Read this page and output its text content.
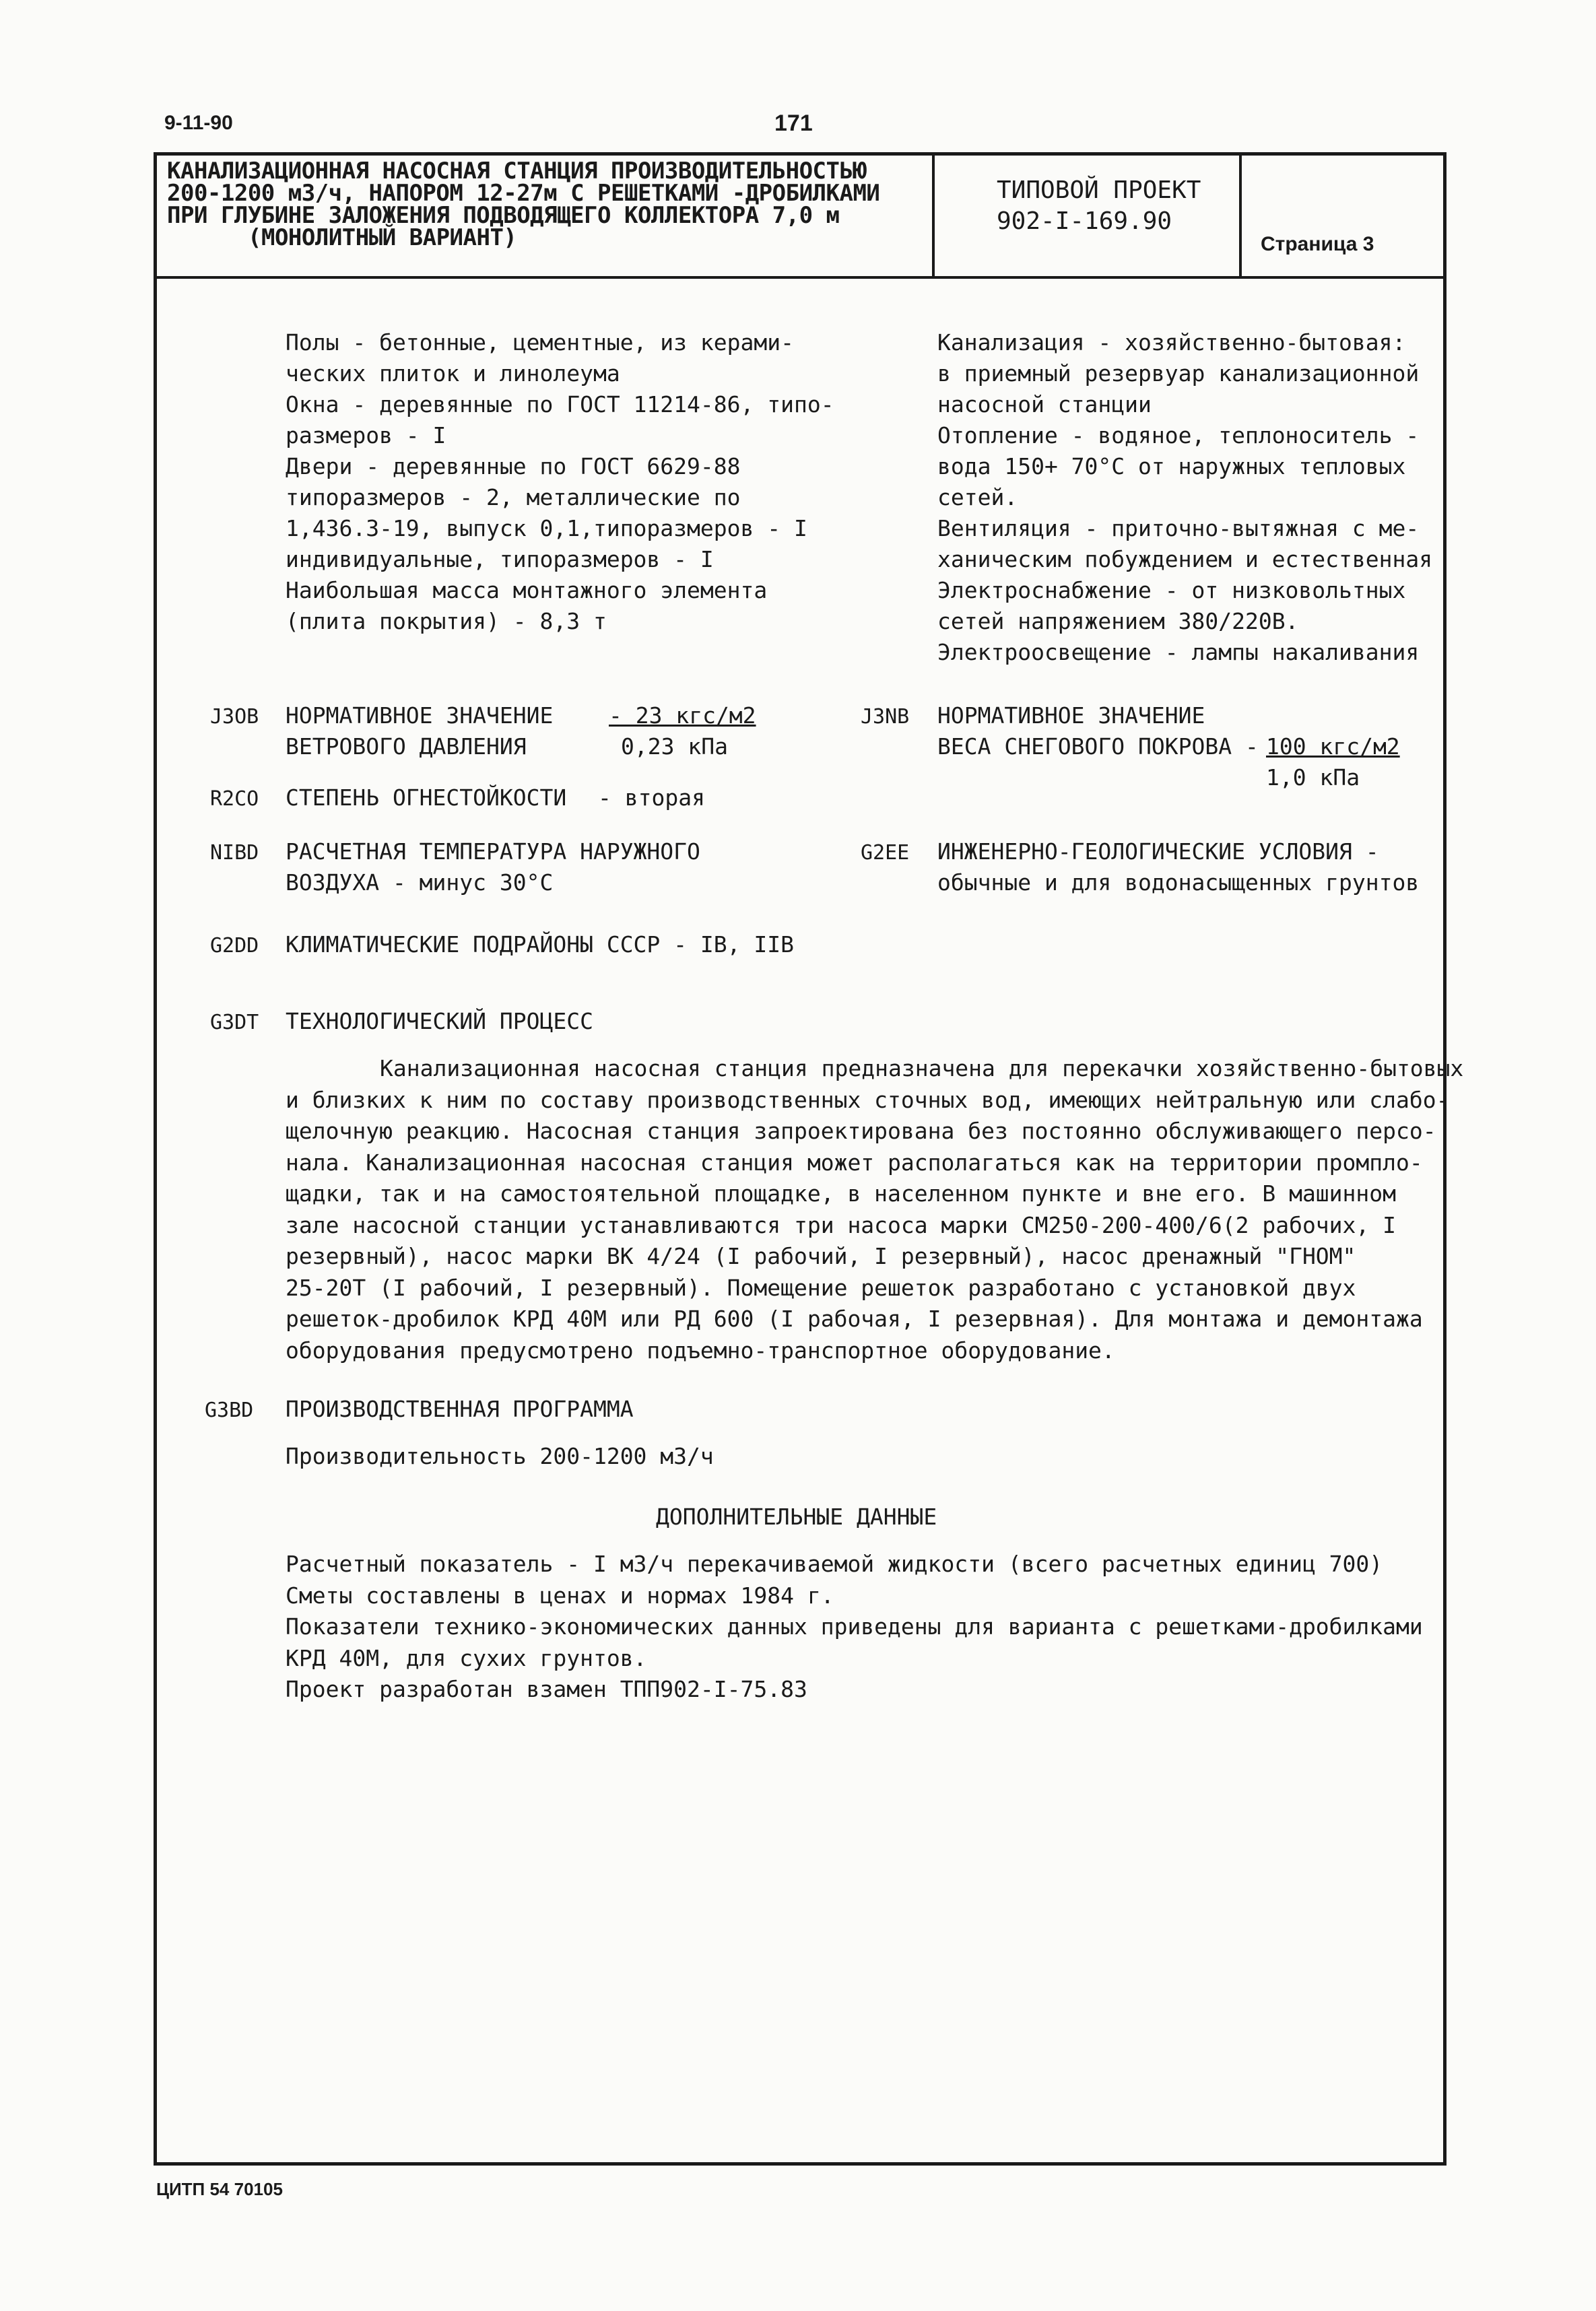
9-11-90	171
КАНАЛИЗАЦИОННАЯ НАСОСНАЯ СТАНЦИЯ ПРОИЗВОДИТЕЛЬНОСТЬЮ
200-1200 м3/ч, НАПОРОМ 12-27м С РЕШЕТКАМИ -ДРОБИЛКАМИ
ПРИ ГЛУБИНЕ ЗАЛОЖЕНИЯ ПОДВОДЯЩЕГО КОЛЛЕКТОРА 7,0 м
(МОНОЛИТНЫЙ ВАРИАНТ)
ТИПОВОЙ ПРОЕКТ
902-I-169.90
Страница 3
Полы - бетонные, цементные, из керами-
ческих плиток и линолеума
Окна - деревянные по ГОСТ 11214-86, типо-
размеров - I
Двери - деревянные по ГОСТ 6629-88
типоразмеров - 2, металлические по
1,436.3-19, выпуск 0,1,типоразмеров - I
индивидуальные, типоразмеров - I
Наибольшая масса монтажного элемента
(плита покрытия) - 8,3 т
Канализация - хозяйственно-бытовая:
в приемный резервуар канализационной
насосной станции
Отопление - водяное, теплоноситель -
вода 150+ 70°С от наружных тепловых
сетей.
Вентиляция - приточно-вытяжная с ме-
ханическим побуждением и естественная
Электроснабжение - от низковольтных
сетей напряжением 380/220В.
Электроосвещение - лампы накаливания
J3OB НОРМАТИВНОЕ ЗНАЧЕНИЕ
ВЕТРОВОГО ДАВЛЕНИЯ
- 23 кгс/м2
0,23 кПа
J3NB НОРМАТИВНОЕ ЗНАЧЕНИЕ
ВЕСА СНЕГОВОГО ПОКРОВА - 100 кгс/м2
1,0 кПа
R2CO СТЕПЕНЬ ОГНЕСТОЙКОСТИ - вторая
NIBD РАСЧЕТНАЯ ТЕМПЕРАТУРА НАРУЖНОГО
ВОЗДУХА - минус 30°С
G2EE ИНЖЕНЕРНО-ГЕОЛОГИЧЕСКИЕ УСЛОВИЯ -
обычные и для водонасыщенных грунтов
G2DD КЛИМАТИЧЕСКИЕ ПОДРАЙОНЫ СССР - IВ, IIВ
G3DT ТЕХНОЛОГИЧЕСКИЙ ПРОЦЕСС
Канализационная насосная станция предназначена для перекачки хозяйственно-бытовых
и близких к ним по составу производственных сточных вод, имеющих нейтральную или слабо-
щелочную реакцию. Насосная станция запроектирована без постоянно обслуживающего персо-
нала. Канализационная насосная станция может располагаться как на территории промпло-
щадки, так и на самостоятельной площадке, в населенном пункте и вне его. В машинном
зале насосной станции устанавливаются три насоса марки СМ250-200-400/6(2 рабочих, I
резервный), насос марки ВК 4/24 (I рабочий, I резервный), насос дренажный "ГНОМ"
25-20Т (I рабочий, I резервный). Помещение решеток разработано с установкой двух
решеток-дробилок КРД 40М или РД 600 (I рабочая, I резервная). Для монтажа и демонтажа
оборудования предусмотрено подъемно-транспортное оборудование.
G3BD ПРОИЗВОДСТВЕННАЯ ПРОГРАММА
Производительность 200-1200 м3/ч
ДОПОЛНИТЕЛЬНЫЕ ДАННЫЕ
Расчетный показатель - I м3/ч перекачиваемой жидкости (всего расчетных единиц 700)
Сметы составлены в ценах и нормах 1984 г.
Показатели технико-экономических данных приведены для варианта с решетками-дробилками
КРД 40М, для сухих грунтов.
Проект разработан взамен ТПП902-I-75.83
ЦИТП 54 70105
